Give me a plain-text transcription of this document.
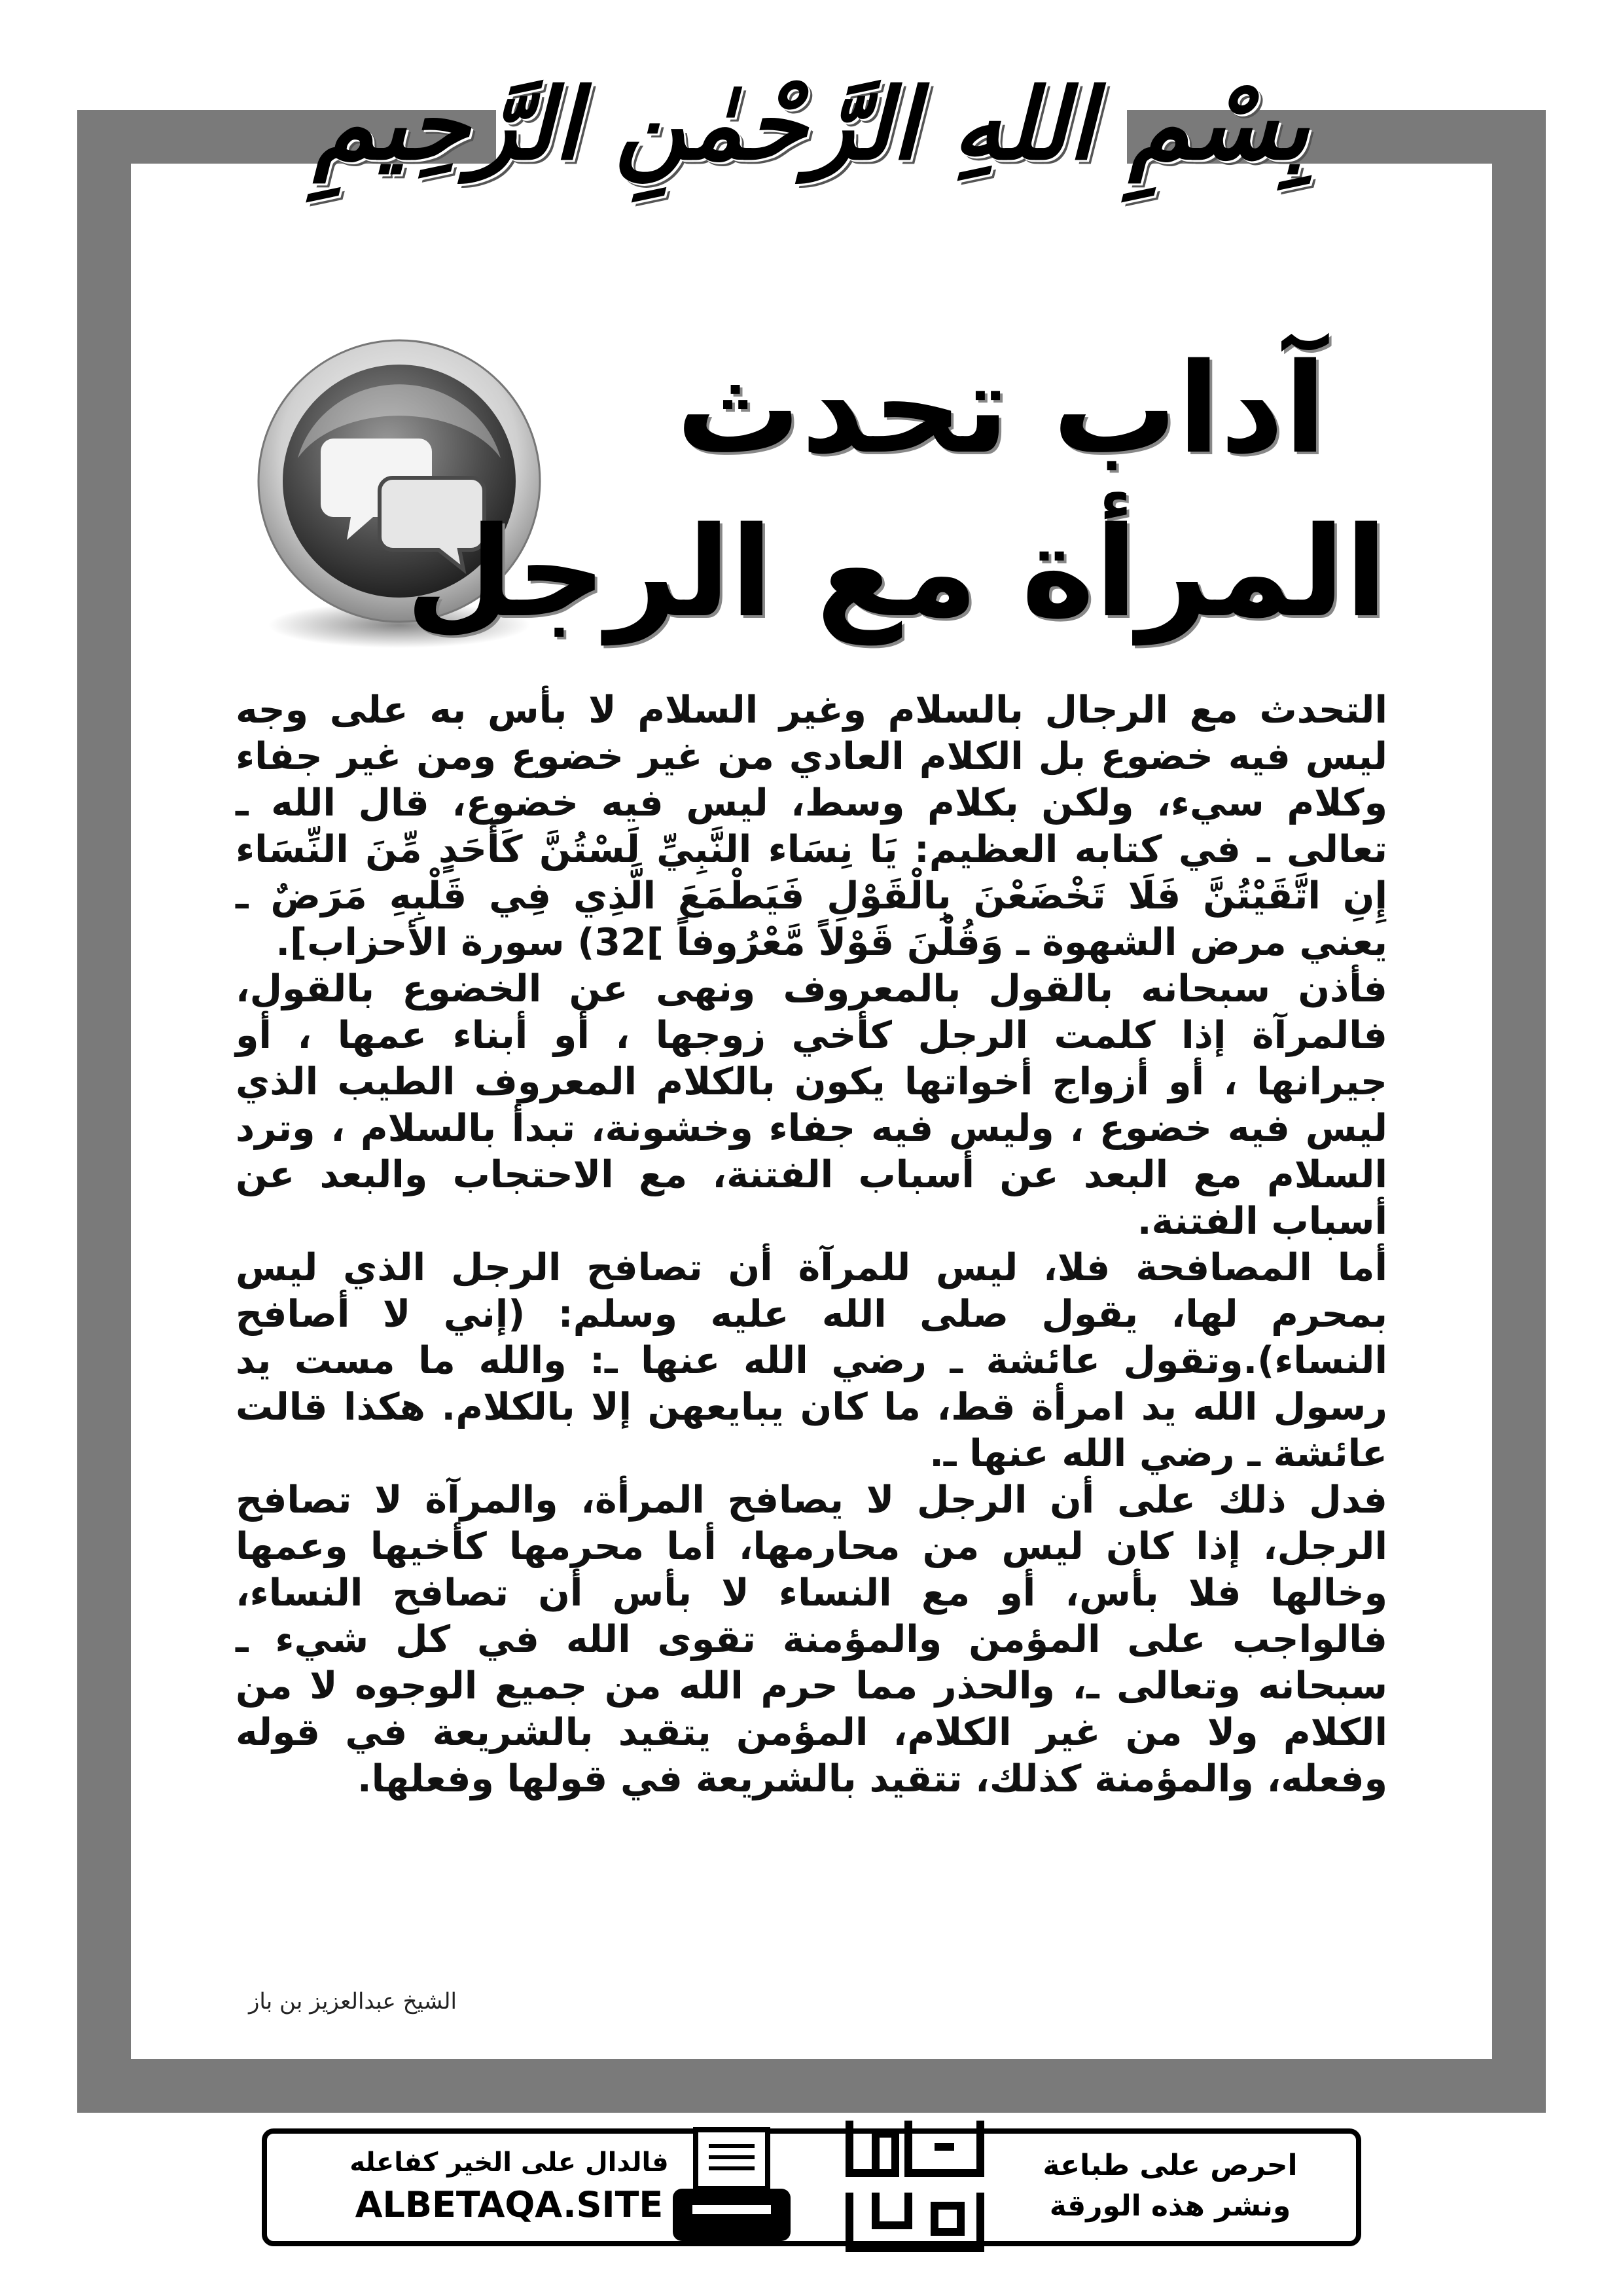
بِسْمِ اللهِ الرَّحْمٰنِ الرَّحِيمِ
آداب تحدث
المرأة مع الرجل

التحدث مع الرجال بالسلام وغير السلام لا بأس به على وجه ليس فيه خضوع بل الكلام العادي من غير خضوع ومن غير جفاء وكلام سيء، ولكن بكلام وسط، ليس فيه خضوع، قال الله ـ تعالى ـ في كتابه العظيم: يَا نِسَاء النَّبِيِّ لَسْتُنَّ كَأَحَدٍ مِّنَ النِّسَاء إِنِ اتَّقَيْتُنَّ فَلَا تَخْضَعْنَ بِالْقَوْلِ فَيَطْمَعَ الَّذِي فِي قَلْبِهِ مَرَضٌ ـ يعني مرض الشهوة ـ وَقُلْنَ قَوْلاً مَّعْرُوفاً ]32) سورة الأحزاب].

فأذن سبحانه بالقول بالمعروف ونهى عن الخضوع بالقول، فالمرآة إذا كلمت الرجل كأخي زوجها ، أو أبناء عمها ، أو جيرانها ، أو أزواج أخواتها يكون بالكلام المعروف الطيب الذي ليس فيه خضوع ، وليس فيه جفاء وخشونة، تبدأ بالسلام ، وترد السلام مع البعد عن أسباب الفتنة، مع الاحتجاب والبعد عن أسباب الفتنة.

أما المصافحة فلا، ليس للمرآة أن تصافح الرجل الذي ليس بمحرم لها، يقول صلى الله عليه وسلم: (إني لا أصافح النساء).وتقول عائشة ـ رضي الله عنها ـ: والله ما مست يد رسول الله يد امرأة قط، ما كان يبايعهن إلا بالكلام. هكذا قالت عائشة ـ رضي الله عنها ـ.

فدل ذلك على أن الرجل لا يصافح المرأة، والمرآة لا تصافح الرجل، إذا كان ليس من محارمها، أما محرمها كأخيها وعمها وخالها فلا بأس، أو مع النساء لا بأس أن تصافح النساء، فالواجب على المؤمن والمؤمنة تقوى الله في كل شيء ـ سبحانه وتعالى ـ، والحذر مما حرم الله من جميع الوجوه لا من الكلام ولا من غير الكلام، المؤمن يتقيد بالشريعة في قوله وفعله، والمؤمنة كذلك، تتقيد بالشريعة في قولها وفعلها.

الشيخ عبدالعزيز بن باز
فالدال على الخير كفاعله
ALBETAQA.SITE
احرص على طباعة
ونشر هذه الورقة
